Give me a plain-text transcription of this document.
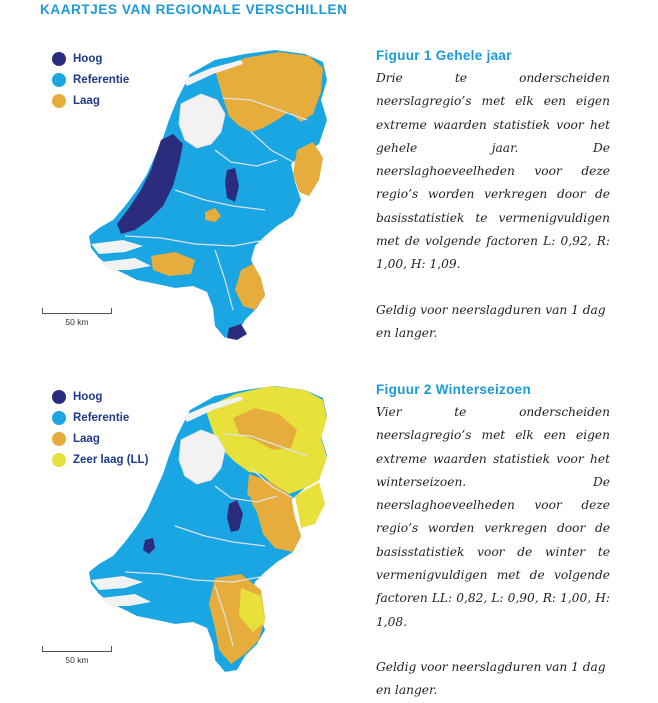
KAARTJES VAN REGIONALE VERSCHILLEN
Hoog
Referentie
Laag
50 km
Figuur 1 Gehele jaar
Drie te onderscheiden neerslagregio’s met elk een eigen extreme waarden statistiek voor het gehele jaar. De neerslaghoeveelheden voor deze regio’s worden verkregen door de basisstatistiek te vermenigvuldigen met de volgende factoren L: 0,92, R: 1,00, H: 1,09.
Geldig voor neerslagduren van 1 dag en langer.
Hoog
Referentie
Laag
Zeer laag (LL)
50 km
Figuur 2 Winterseizoen
Vier te onderscheiden neerslagregio’s met elk een eigen extreme waarden statistiek voor het winterseizoen. De neerslaghoeveelheden voor deze regio’s worden verkregen door de basisstatistiek voor de winter te vermenigvuldigen met de volgende factoren LL: 0,82, L: 0,90, R: 1,00, H: 1,08.
Geldig voor neerslagduren van 1 dag en langer.
